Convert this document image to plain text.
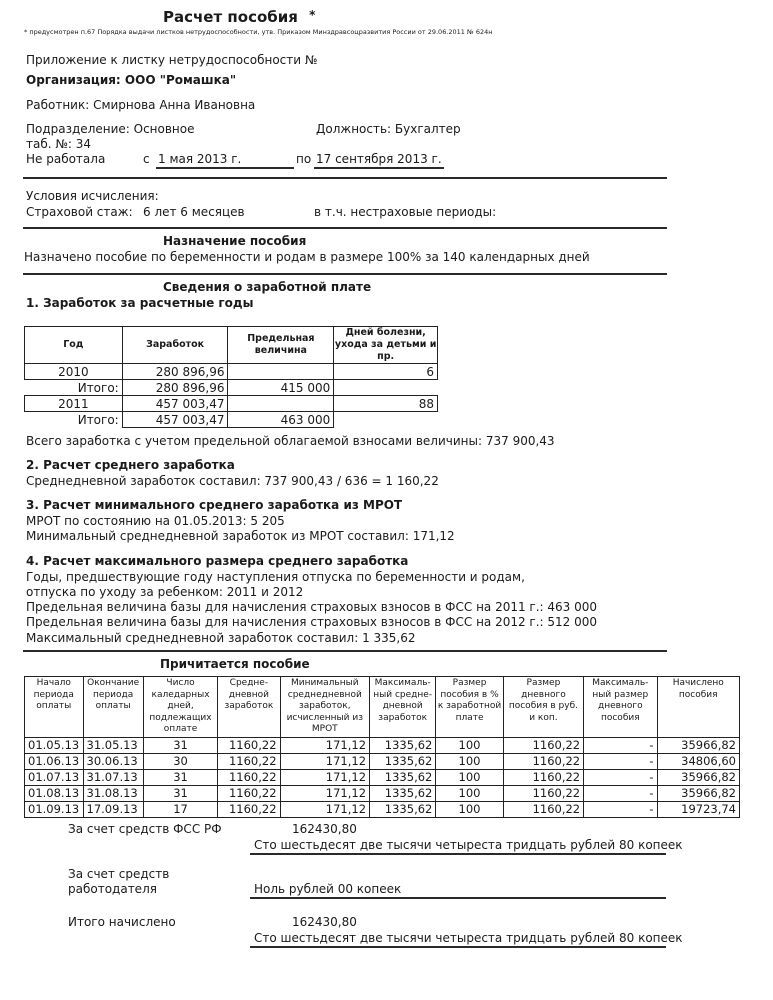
Расчет пособия *
* предусмотрен п.67 Порядка выдачи листков нетрудоспособности, утв. Приказом Минздравсоцразвития России от 29.06.2011 № 624н
Приложение к листку нетрудоспособности №
Организация: ООО "Ромашка"
Работник: Смирнова Анна Ивановна
Подразделение: Основное	Должность: Бухгалтер
таб. №: 34
Не работала	с 1 мая 2013 г.	по 17 сентября 2013 г.
Условия исчисления:
Страховой стаж: 6 лет 6 месяцев	в т.ч. нестраховые периоды:
Назначение пособия
Назначено пособие по беременности и родам в размере 100% за 140 календарных дней
Сведения о заработной плате
1. Заработок за расчетные годы
Год	Заработок	Предельная величина	Дней болезни, ухода за детьми и пр.
2010	280 896,96		6
Итого:	280 896,96	415 000	
2011	457 003,47		88
Итого:	457 003,47	463 000	
Всего заработка с учетом предельной облагаемой взносами величины: 737 900,43
2. Расчет среднего заработка
Среднедневной заработок составил: 737 900,43 / 636 = 1 160,22
3. Расчет минимального среднего заработка из МРОТ
МРОТ по состоянию на 01.05.2013: 5 205
Минимальный среднедневной заработок из МРОТ составил: 171,12
4. Расчет максимального размера среднего заработка
Годы, предшествующие году наступления отпуска по беременности и родам,
отпуска по уходу за ребенком: 2011 и 2012
Предельная величина базы для начисления страховых взносов в ФСС на 2011 г.: 463 000
Предельная величина базы для начисления страховых взносов в ФСС на 2012 г.: 512 000
Максимальный среднедневной заработок составил: 1 335,62
Причитается пособие
Начало периода оплаты	Окончание периода оплаты	Число каледарных дней, подлежащих оплате	Средне-дневной заработок	Минимальный среднедневной заработок, исчисленный из МРОТ	Максималь-ный средне-дневной заработок	Размер пособия в % к заработной плате	Размер дневного пособия в руб. и коп.	Максималь-ный размер дневного пособия	Начислено пособия
01.05.13	31.05.13	31	1160,22	171,12	1335,62	100	1160,22	-	35966,82
01.06.13	30.06.13	30	1160,22	171,12	1335,62	100	1160,22	-	34806,60
01.07.13	31.07.13	31	1160,22	171,12	1335,62	100	1160,22	-	35966,82
01.08.13	31.08.13	31	1160,22	171,12	1335,62	100	1160,22	-	35966,82
01.09.13	17.09.13	17	1160,22	171,12	1335,62	100	1160,22	-	19723,74
За счет средств ФСС РФ	162430,80
Сто шестьдесят две тысячи четыреста тридцать рублей 80 копеек
За счет средств
работодателя	Ноль рублей 00 копеек
Итого начислено	162430,80
Сто шестьдесят две тысячи четыреста тридцать рублей 80 копеек
